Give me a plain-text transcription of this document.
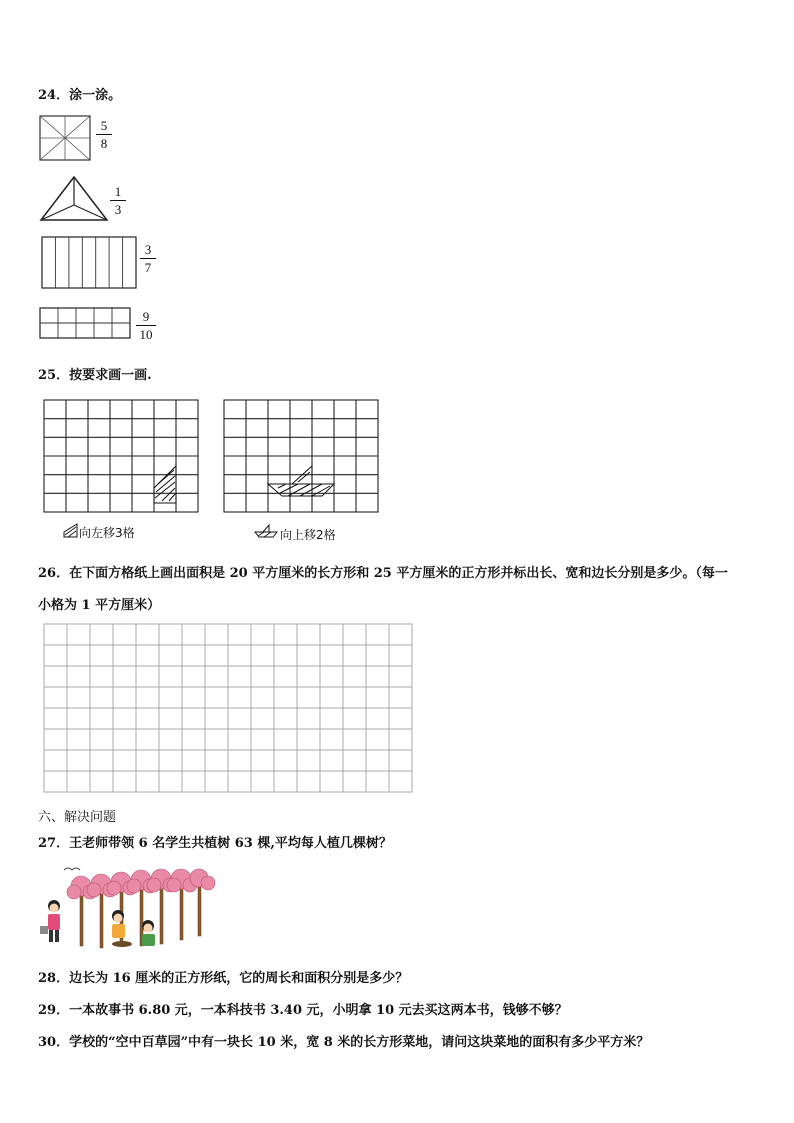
24．涂一涂。
5
8
1
3
3
7
9
10
25．按要求画一画.
向左移3格	向上移2格
26．在下面方格纸上画出面积是 20 平方厘米的长方形和 25 平方厘米的正方形并标出长、宽和边长分别是多少。（每一
小格为 1 平方厘米）
六、解决问题
27．王老师带领 6 名学生共植树 63 棵,平均每人植几棵树？
28．边长为 16 厘米的正方形纸，它的周长和面积分别是多少？
29．一本故事书 6.80 元，一本科技书 3.40 元，小明拿 10 元去买这两本书，钱够不够？
30．学校的“空中百草园”中有一块长 10 米，宽 8 米的长方形菜地，请问这块菜地的面积有多少平方米？
